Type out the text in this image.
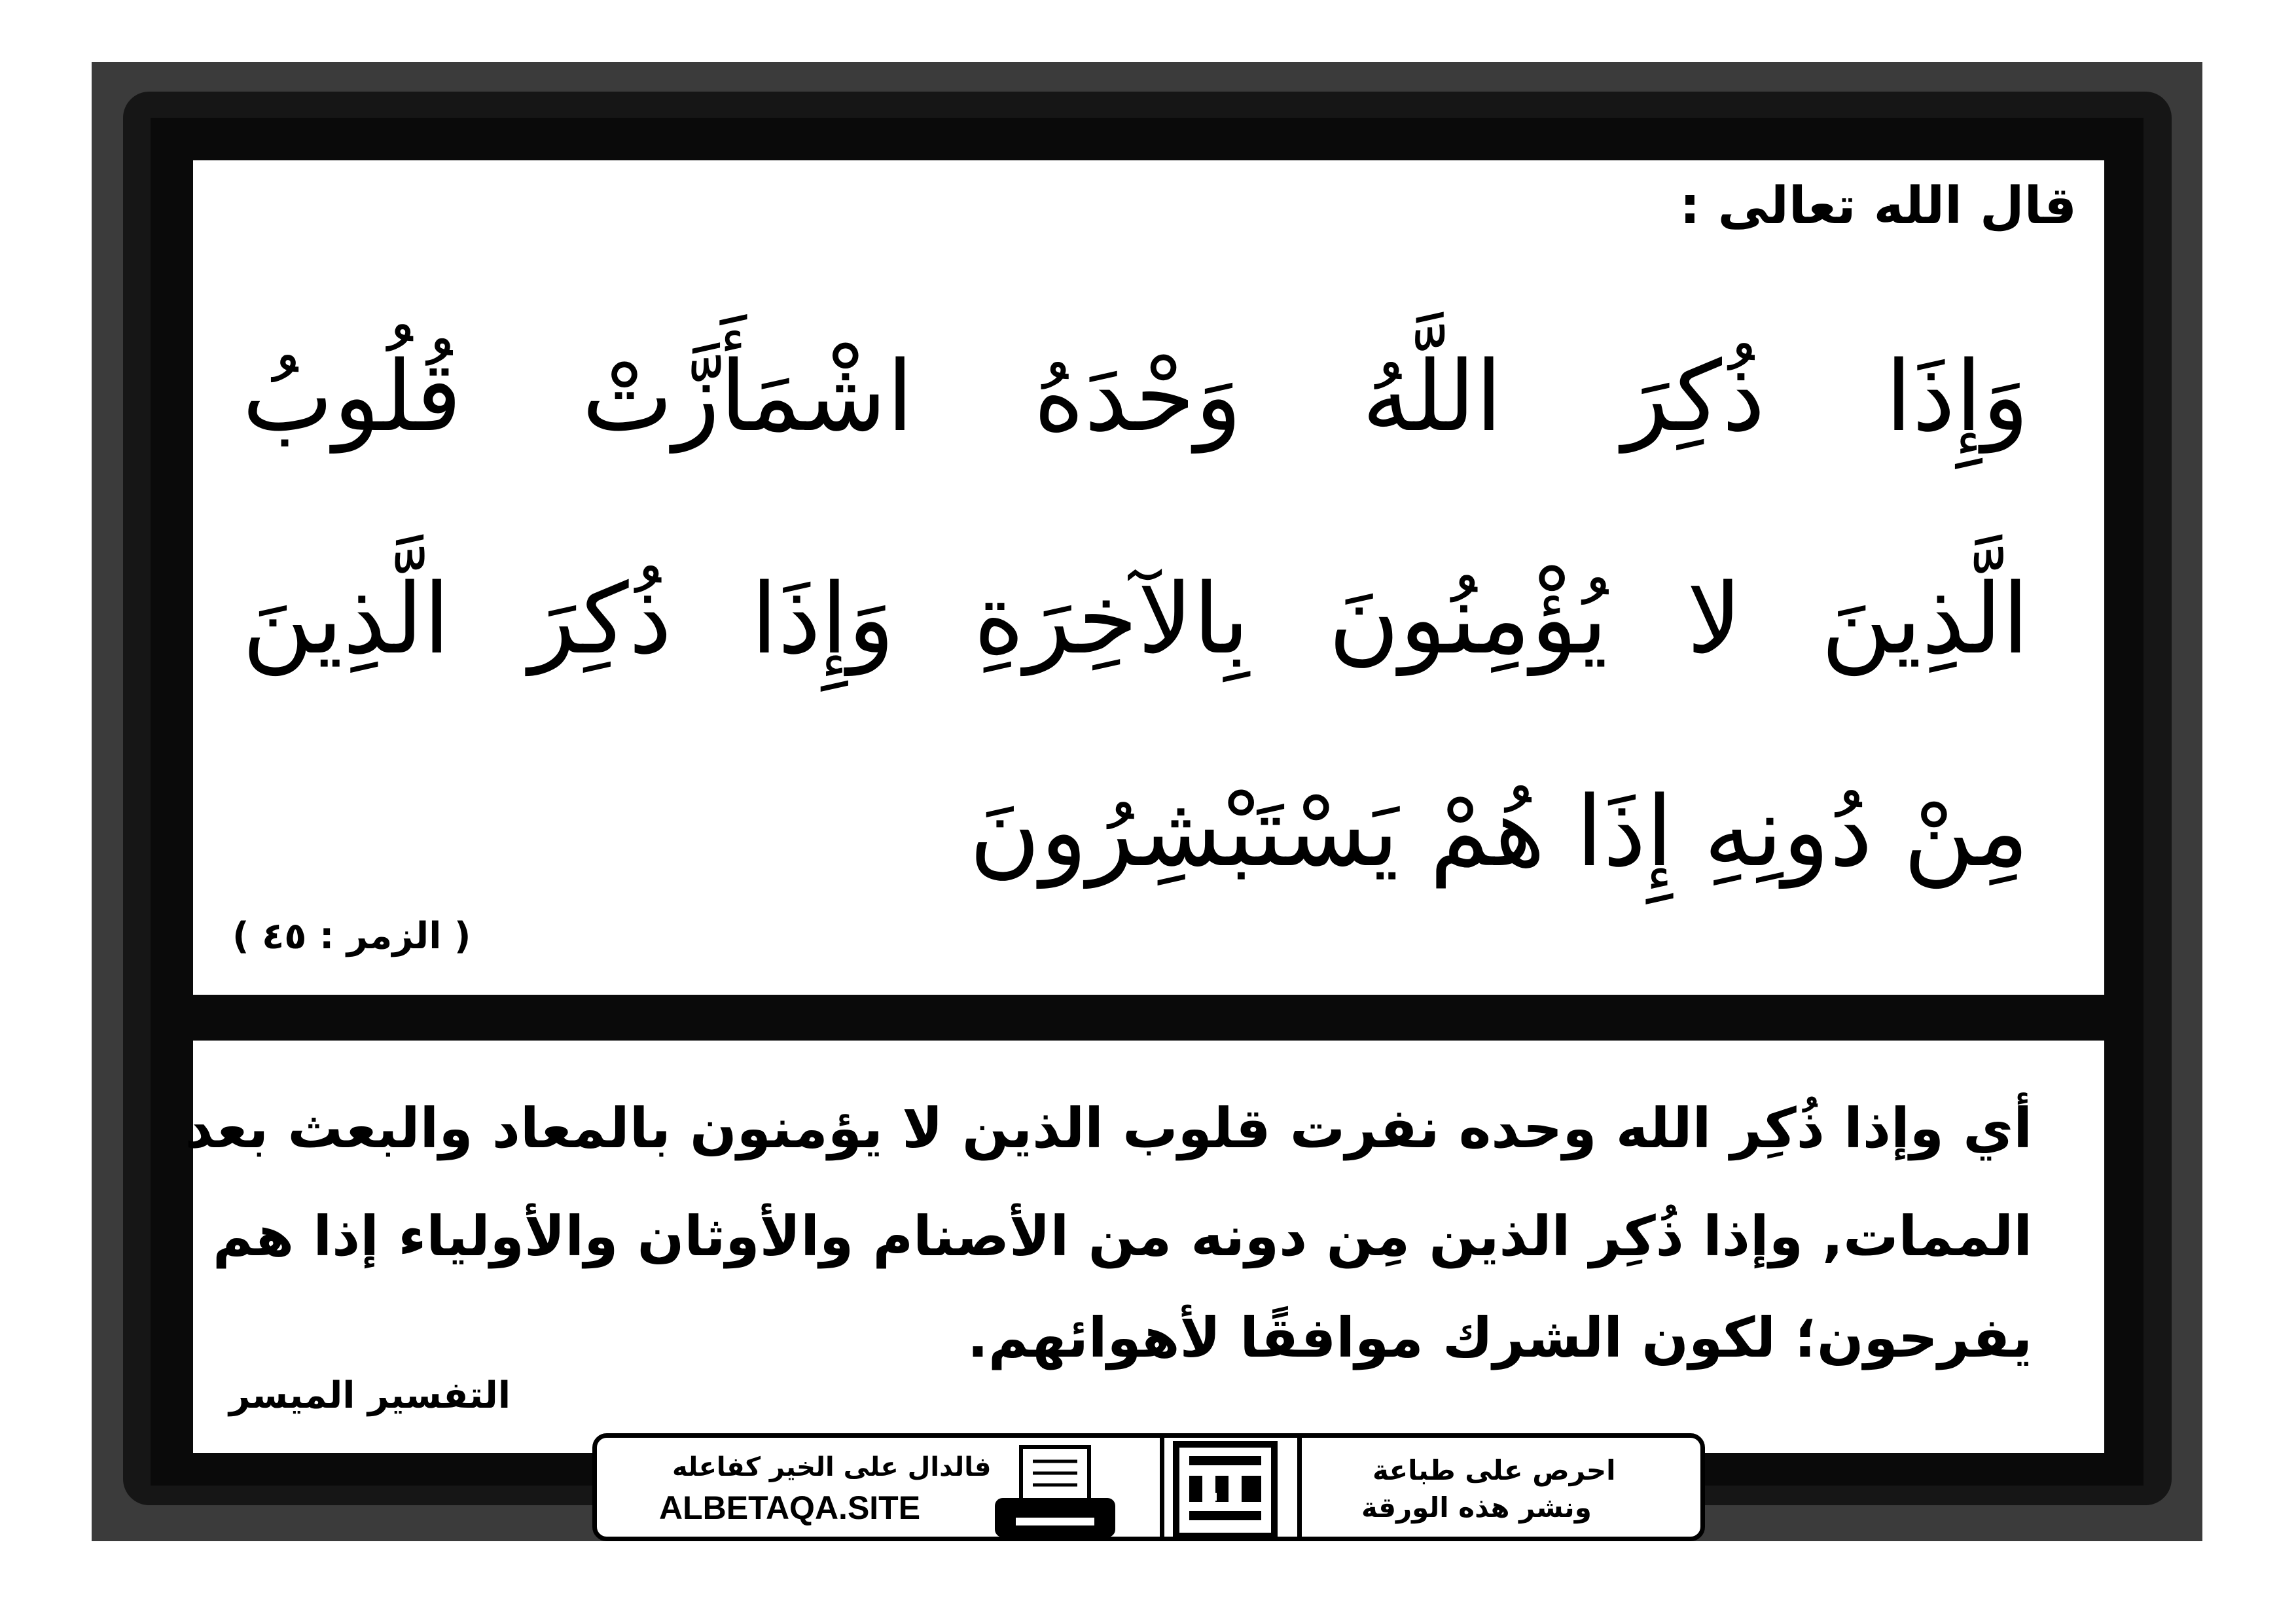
قال الله تعالى :
وَإِذَا ذُكِرَ اللَّهُ وَحْدَهُ اشْمَأَزَّتْ قُلُوبُ
الَّذِينَ لا يُؤْمِنُونَ بِالآخِرَةِ وَإِذَا ذُكِرَ الَّذِينَ
مِنْ دُونِهِ إِذَا هُمْ يَسْتَبْشِرُونَ
( الزمر : ٤٥ )
أي وإذا ذُكِر الله وحده نفرت قلوب الذين لا يؤمنون بالمعاد والبعث بعد
الممات, وإذا ذُكِر الذين مِن دونه من الأصنام والأوثان والأولياء إذا هم
يفرحون؛ لكون الشرك موافقًا لأهوائهم.
التفسير الميسر
فالدال على الخير كفاعله
ALBETAQA.SITE
احرص على طباعة
ونشر هذه الورقة
